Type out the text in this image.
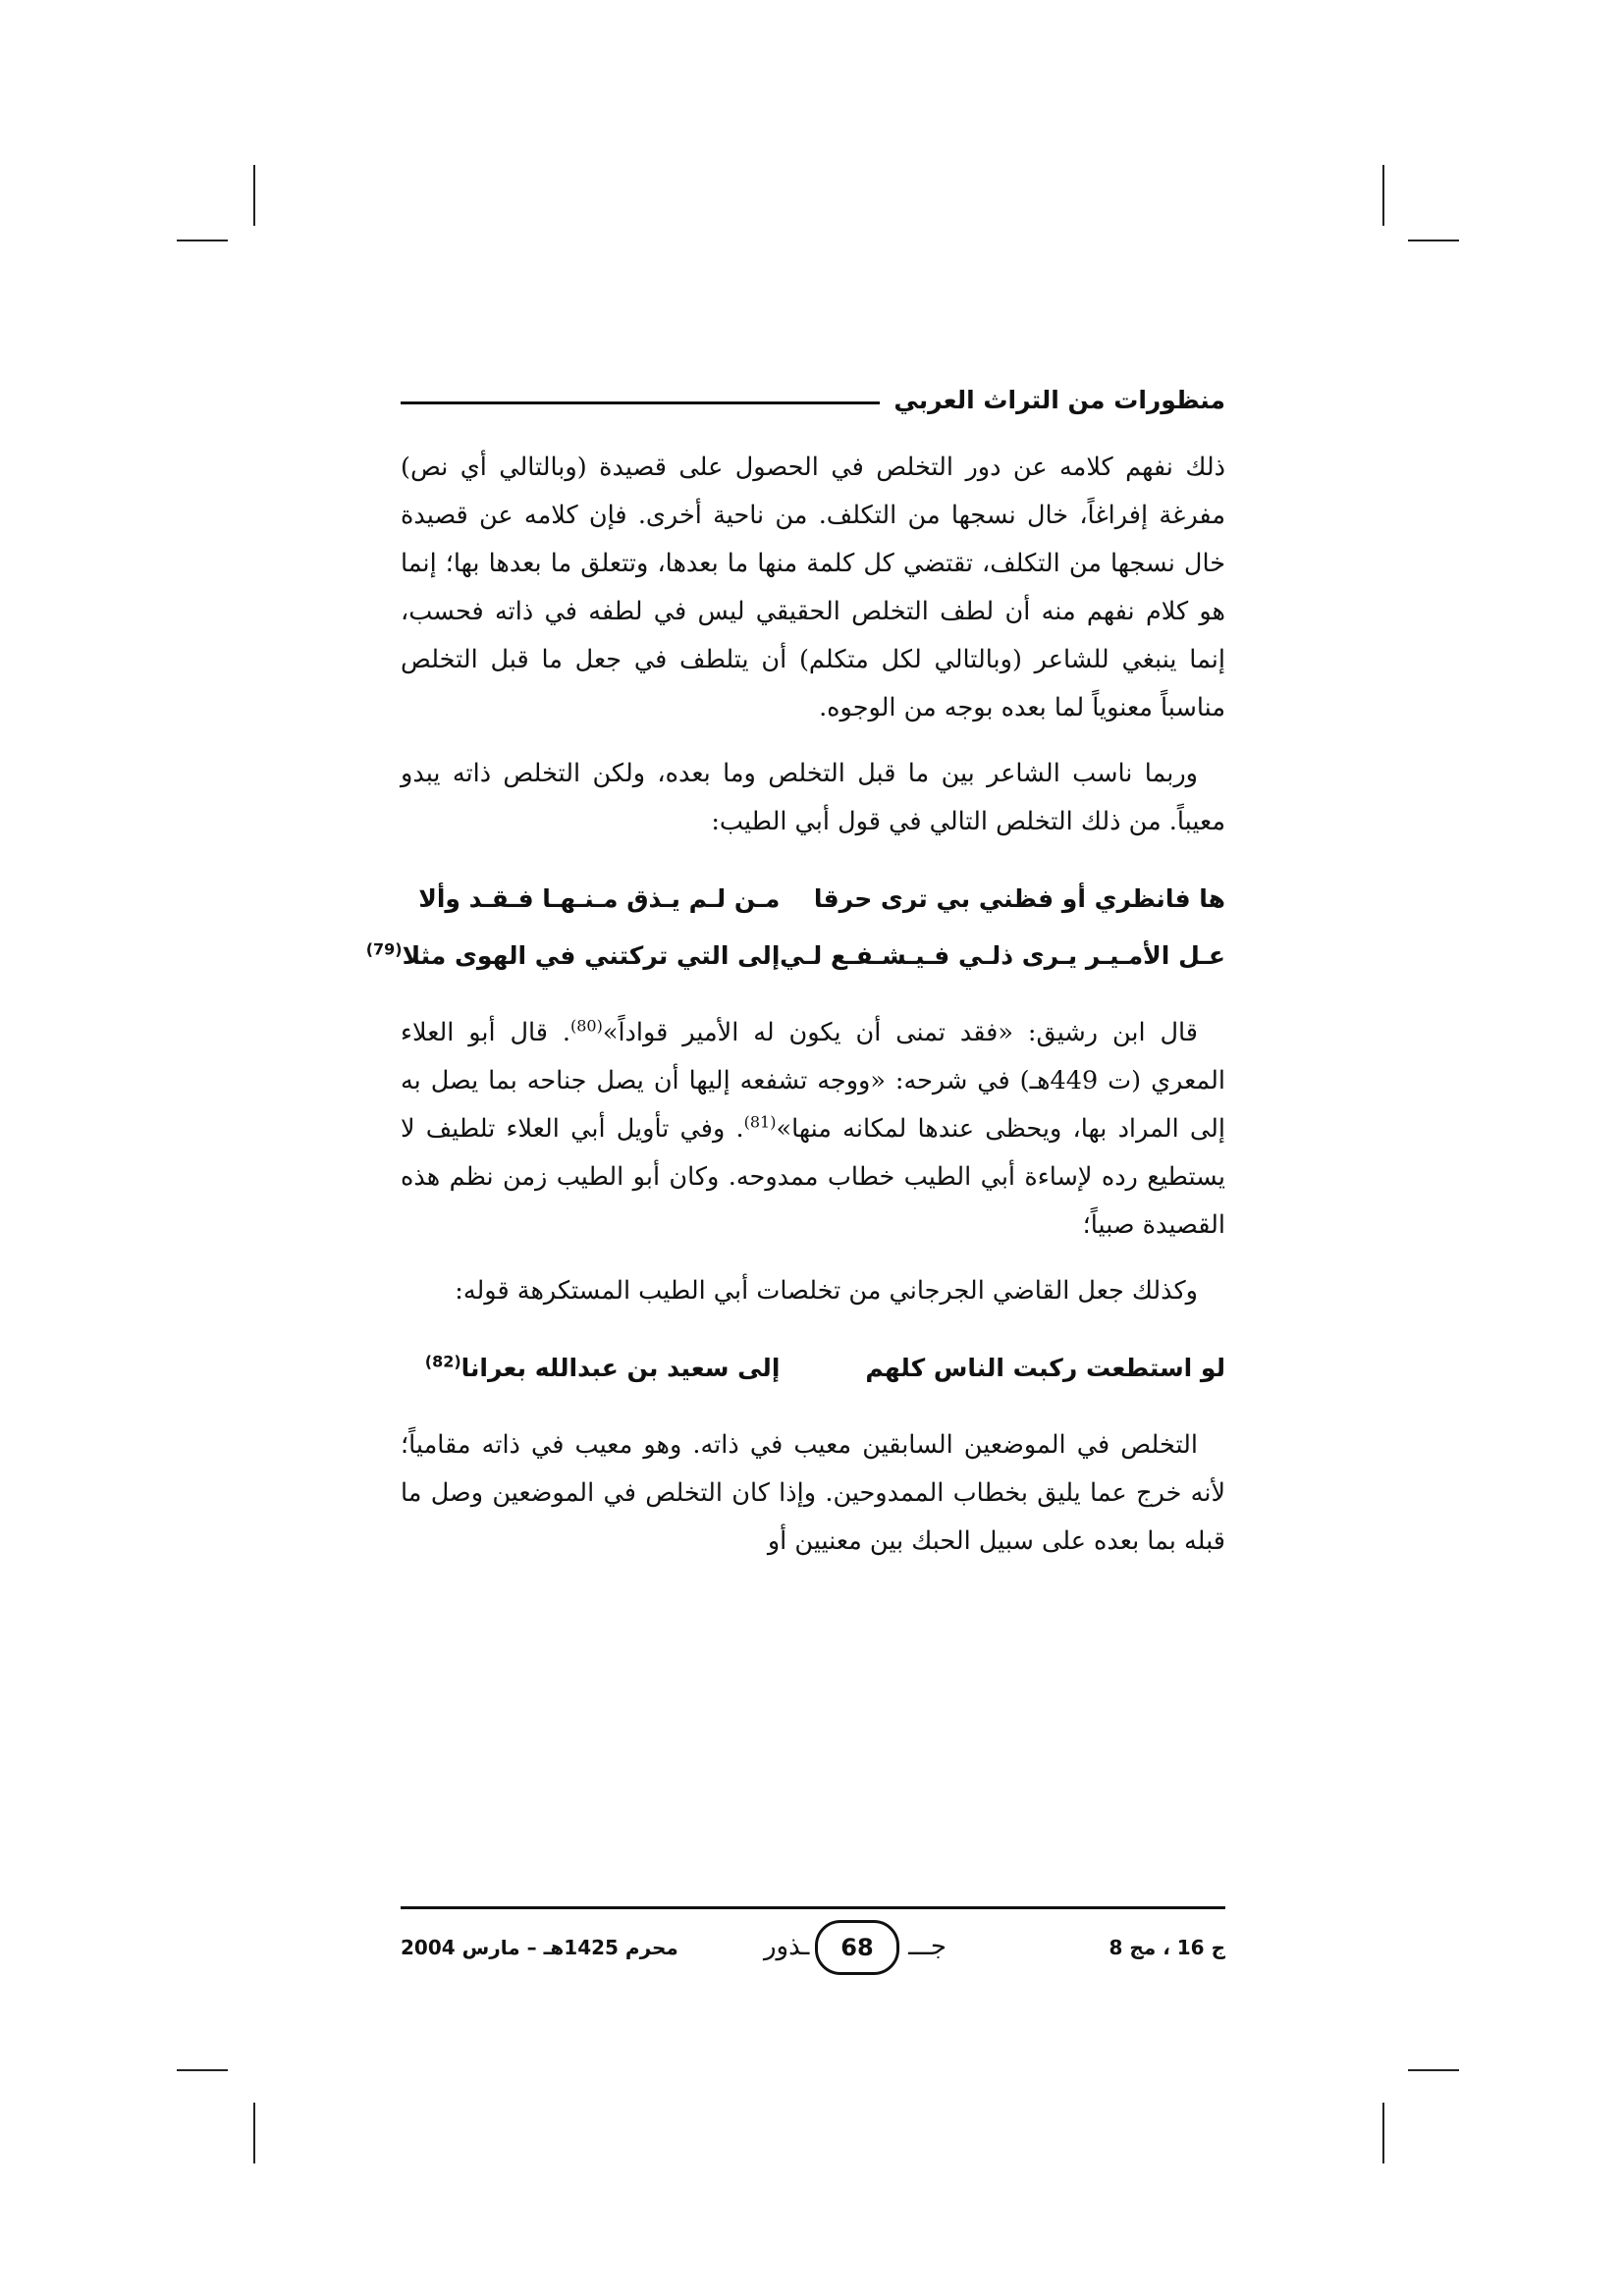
منظورات من التراث العربي

ذلك نفهم كلامه عن دور التخلص في الحصول على قصيدة (وبالتالي أي نص) مفرغة إفراغاً، خال نسجها من التكلف. من ناحية أخرى. فإن كلامه عن قصيدة خال نسجها من التكلف، تقتضي كل كلمة منها ما بعدها، وتتعلق ما بعدها بها؛ إنما هو كلام نفهم منه أن لطف التخلص الحقيقي ليس في لطفه في ذاته فحسب، إنما ينبغي للشاعر (وبالتالي لكل متكلم) أن يتلطف في جعل ما قبل التخلص مناسباً معنوياً لما بعده بوجه من الوجوه.

وربما ناسب الشاعر بين ما قبل التخلص وما بعده، ولكن التخلص ذاته يبدو معيباً. من ذلك التخلص التالي في قول أبي الطيب:

ها فانظري أو فظني بي ترى حرقا
مـن لـم يـذق مـنـهـا فـقـد وألا
عـل الأمـيـر يـرى ذلـي فـيـشـفـع لـي
إلى التي تركتني في الهوى مثلا$^{(79)}$

قال ابن رشيق: «فقد تمنى أن يكون له الأمير قواداً»$^{(80)}$. قال أبو العلاء المعري (ت 449هـ) في شرحه: «ووجه تشفعه إليها أن يصل جناحه بما يصل به إلى المراد بها، ويحظى عندها لمكانه منها»$^{(81)}$. وفي تأويل أبي العلاء تلطيف لا يستطيع رده لإساءة أبي الطيب خطاب ممدوحه. وكان أبو الطيب زمن نظم هذه القصيدة صبياً؛

وكذلك جعل القاضي الجرجاني من تخلصات أبي الطيب المستكرهة قوله:

لو استطعت ركبت الناس كلهم
إلى سعيد بن عبدالله بعرانا$^{(82)}$

التخلص في الموضعين السابقين معيب في ذاته. وهو معيب في ذاته مقامياً؛ لأنه خرج عما يليق بخطاب الممدوحين. وإذا كان التخلص في الموضعين وصل ما قبله بما بعده على سبيل الحبك بين معنيين أو

ج 16 ، مج 8
جـــ
68
ـذور
محرم 1425هـ – مارس 2004
